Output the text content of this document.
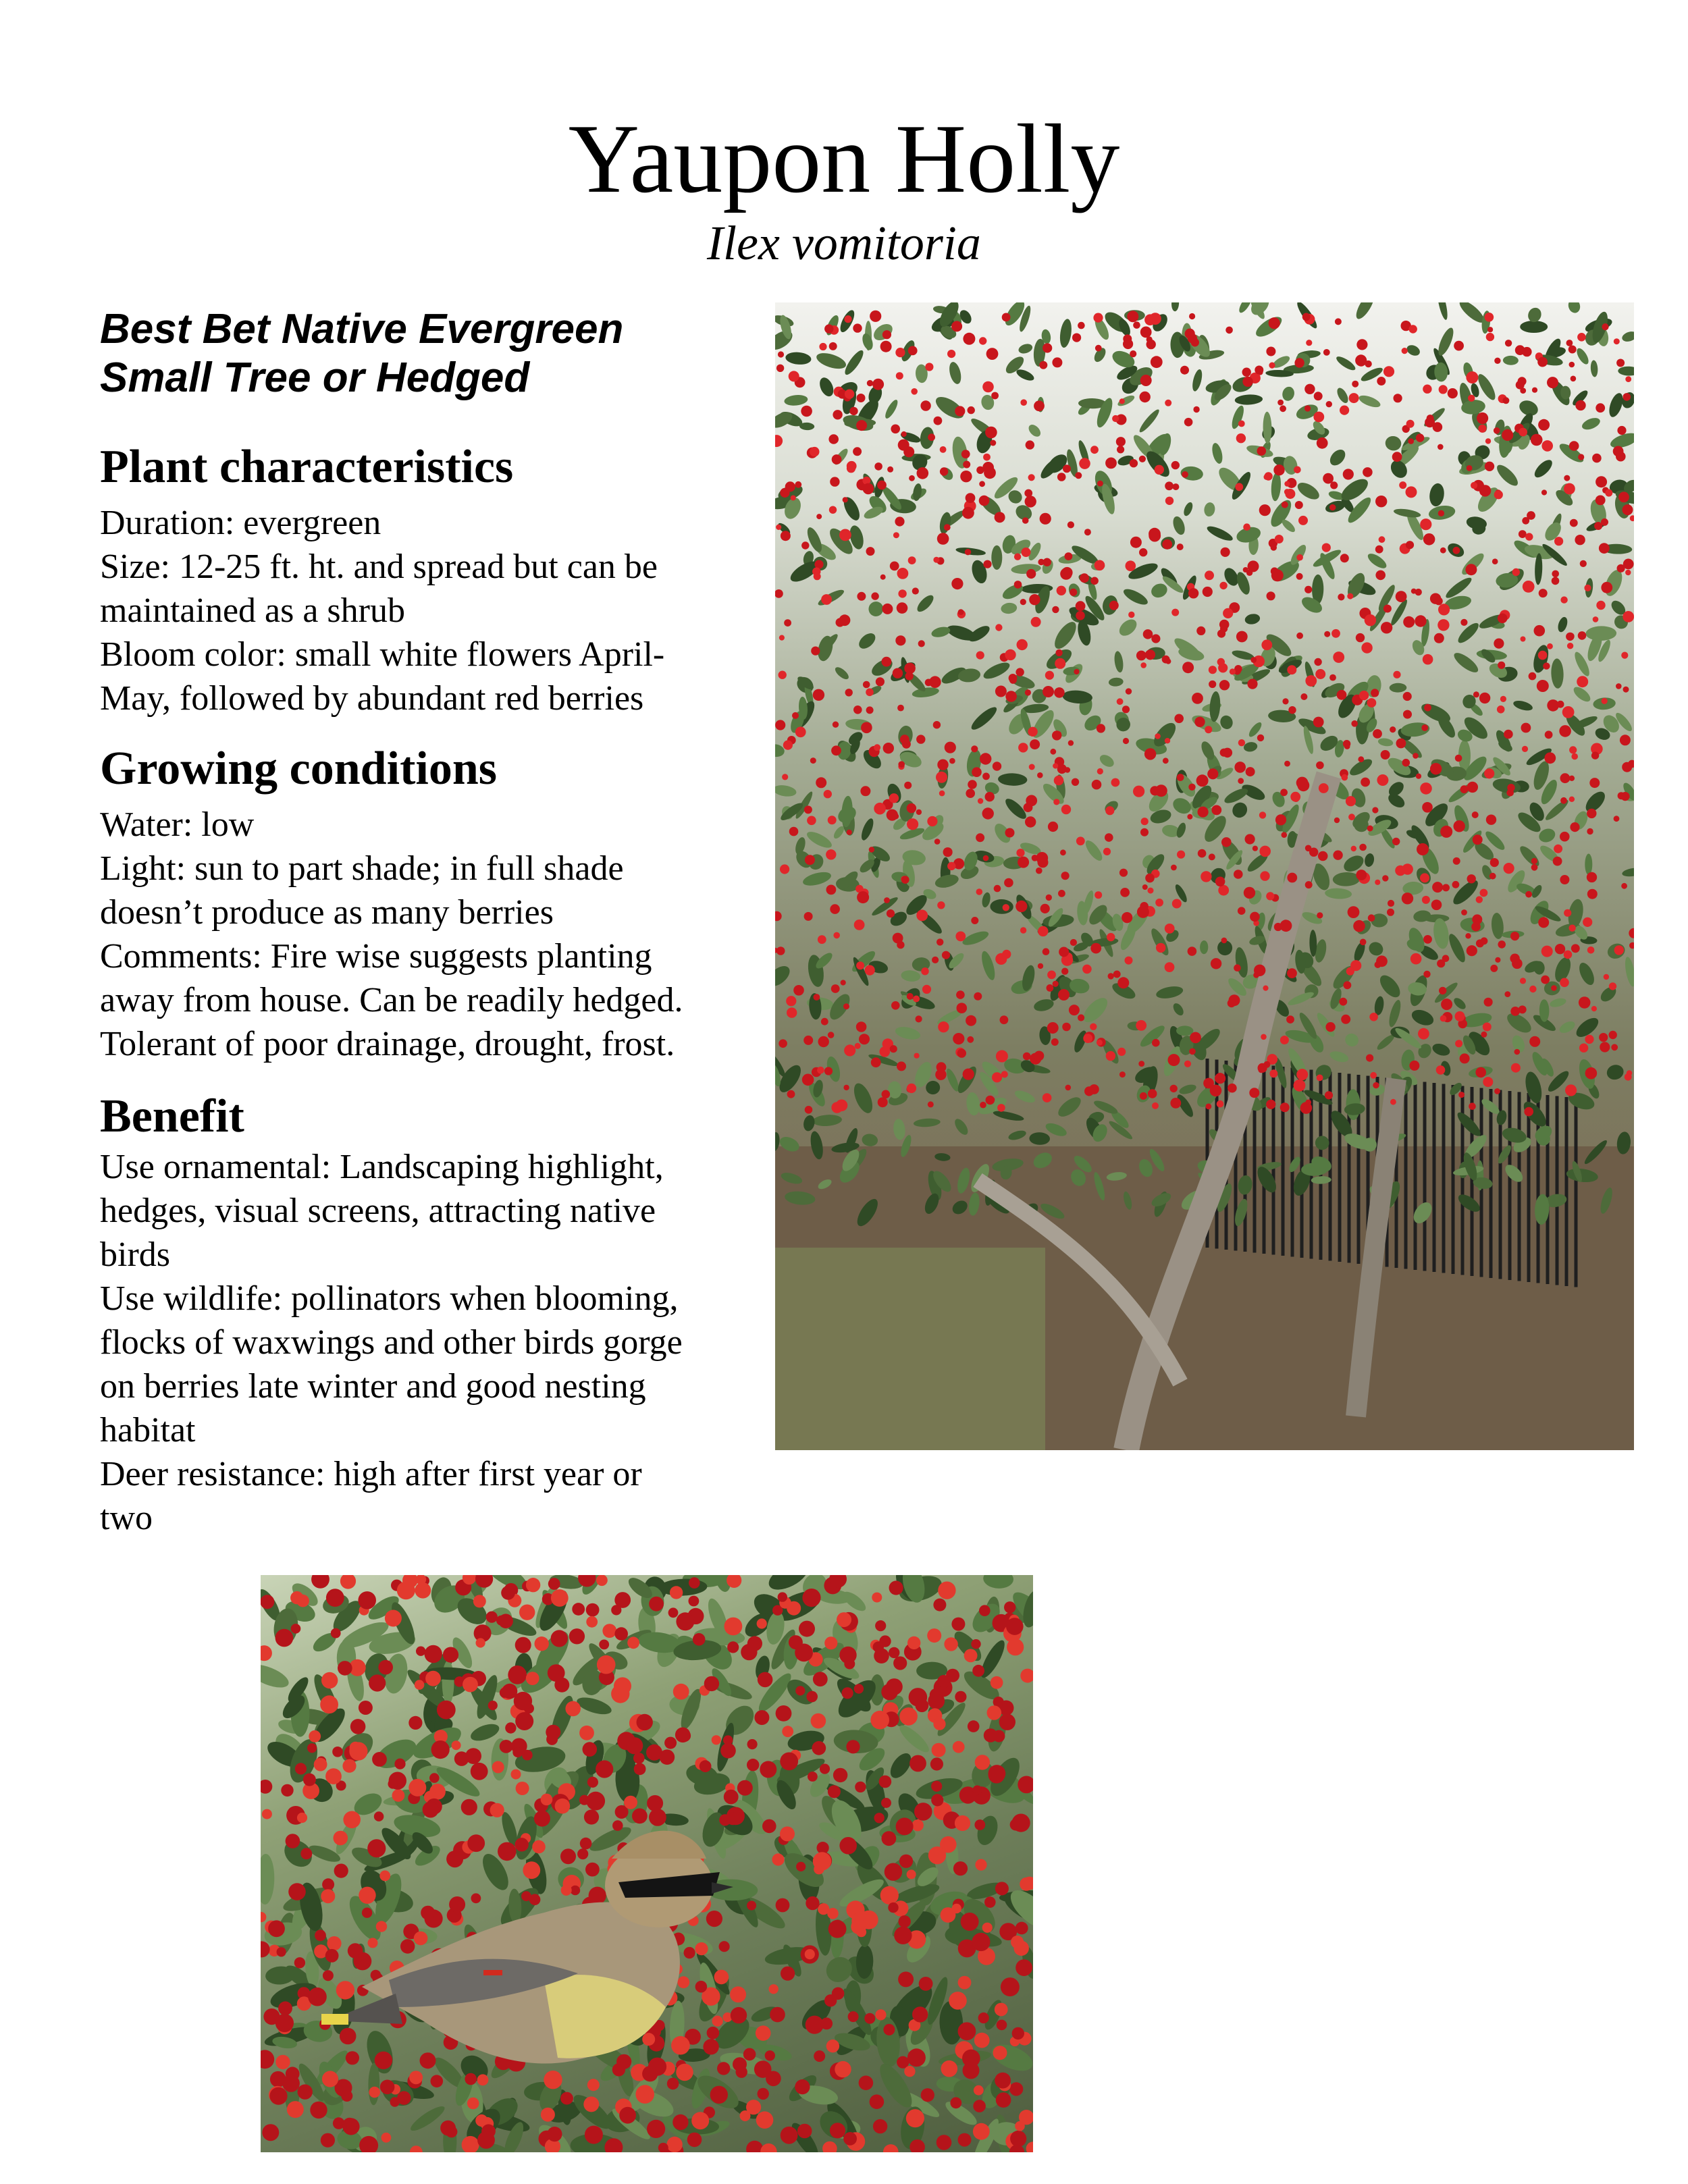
Yaupon Holly
Ilex vomitoria
Best Bet Native Evergreen
Small Tree or Hedged
Plant characteristics
Duration: evergreen
Size: 12-25 ft. ht. and spread but can be
maintained as a shrub
Bloom color: small white flowers April-
May, followed by abundant red berries
Growing conditions
Water: low
Light: sun to part shade; in full shade
doesn’t produce as many berries
Comments: Fire wise suggests planting
away from house. Can be readily hedged.
Tolerant of poor drainage, drought, frost.
Benefit
Use ornamental: Landscaping highlight,
hedges, visual screens, attracting native
birds
Use wildlife: pollinators when blooming,
flocks of waxwings and other birds gorge
on berries late winter and good nesting
habitat
Deer resistance: high after first year or
two
